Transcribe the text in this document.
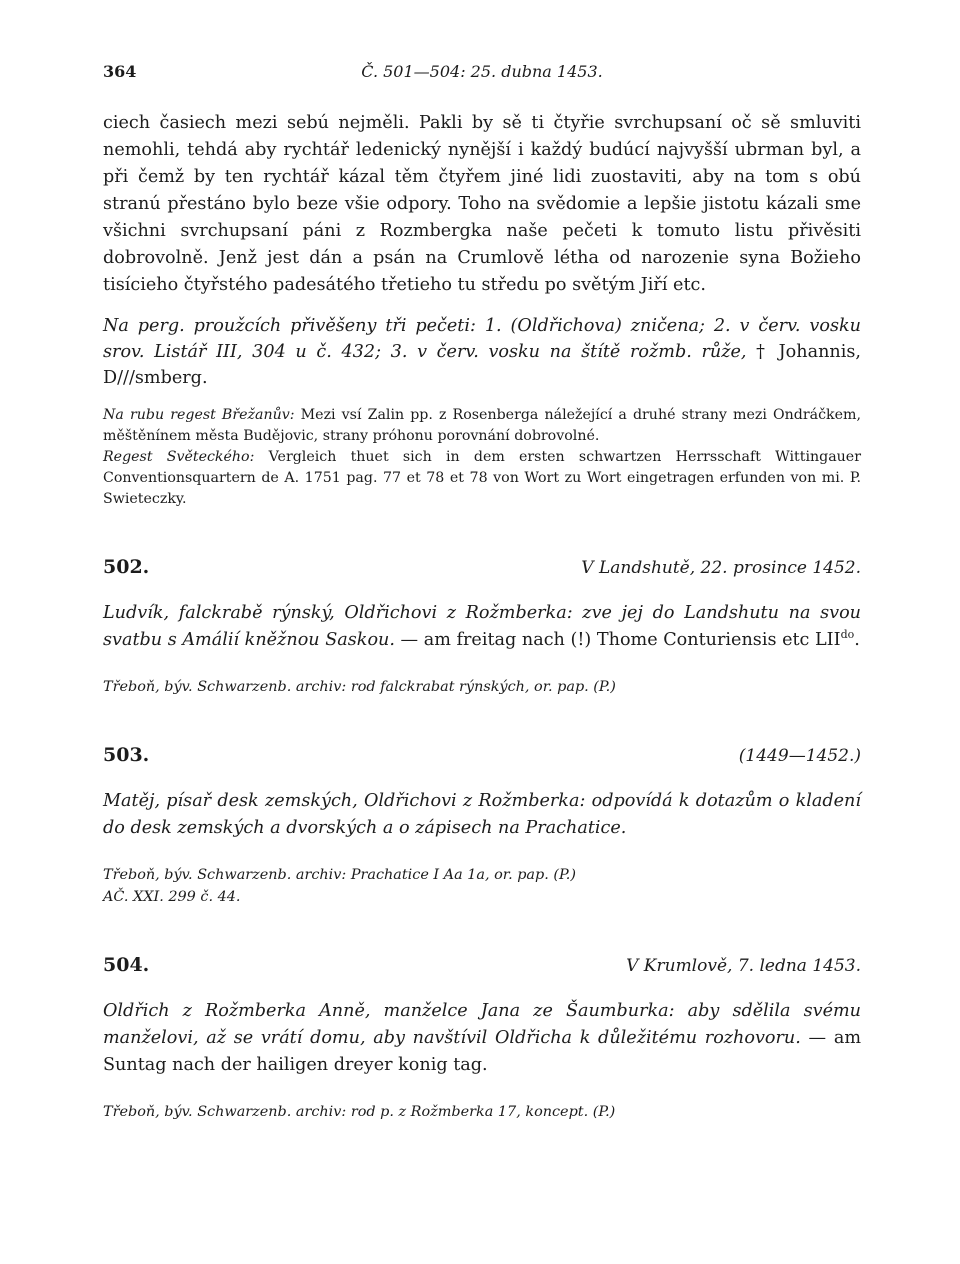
364	Č. 501—504: 25. dubna 1453.

ciech časiech mezi sebú nejměli. Pakli by sě ti čtyřie svrchupsaní oč sě smluviti nemohli, tehdá aby rychtář ledenický nynější i každý budúcí najvyšší ubrman byl, a při čemž by ten rychtář kázal těm čtyřem jiné lidi zuostaviti, aby na tom s obú stranú přestáno bylo beze všie odpory. Toho na svědomie a lepšie jistotu kázali sme všichni svrchupsaní páni z Rozmbergka naše pečeti k tomuto listu přivěsiti dobrovolně. Jenž jest dán a psán na Crumlově létha od narozenie syna Božieho tisícieho čtyřstého padesátého třetieho tu středu po světým Jiří etc.

Na perg. proužcích přivěšeny tři pečeti: 1. (Oldřichova) zničena; 2. v červ. vosku srov. Listář III, 304 u č. 432; 3. v červ. vosku na štítě rožmb. růže, † Johannis, D///smberg.

Na rubu regest Břežanův: Mezi vsí Zalin pp. z Rosenberga náležející a druhé strany mezi Ondráčkem, měštěnínem města Budějovic, strany próhonu porovnání dobrovolné.

Regest Světeckého: Vergleich thuet sich in dem ersten schwartzen Herrsschaft Wittingauer Conventionsquartern de A. 1751 pag. 77 et 78 et 78 von Wort zu Wort eingetragen erfunden von mi. P. Swieteczky.

502.	V Landshutě, 22. prosince 1452.

Ludvík, falckrabě rýnský, Oldřichovi z Rožmberka: zve jej do Landshutu na svou svatbu s Amálií kněžnou Saskou. — am freitag nach (!) Thome Conturiensis etc $LII^{do}$.

Třeboň, býv. Schwarzenb. archiv: rod falckrabat rýnských, or. pap. (P.)

503.	(1449—1452.)

Matěj, písař desk zemských, Oldřichovi z Rožmberka: odpovídá k dotazům o kladení do desk zemských a dvorských a o zápisech na Prachatice.

Třeboň, býv. Schwarzenb. archiv: Prachatice I Aa 1a, or. pap. (P.)
AČ. XXI. 299 č. 44.
504.	V Krumlově, 7. ledna 1453.

Oldřich z Rožmberka Anně, manželce Jana ze Šaumburka: aby sdělila svému manželovi, až se vrátí domu, aby navštívil Oldřicha k důležitému rozhovoru. — am Suntag nach der hailigen dreyer konig tag.

Třeboň, býv. Schwarzenb. archiv: rod p. z Rožmberka 17, koncept. (P.)
